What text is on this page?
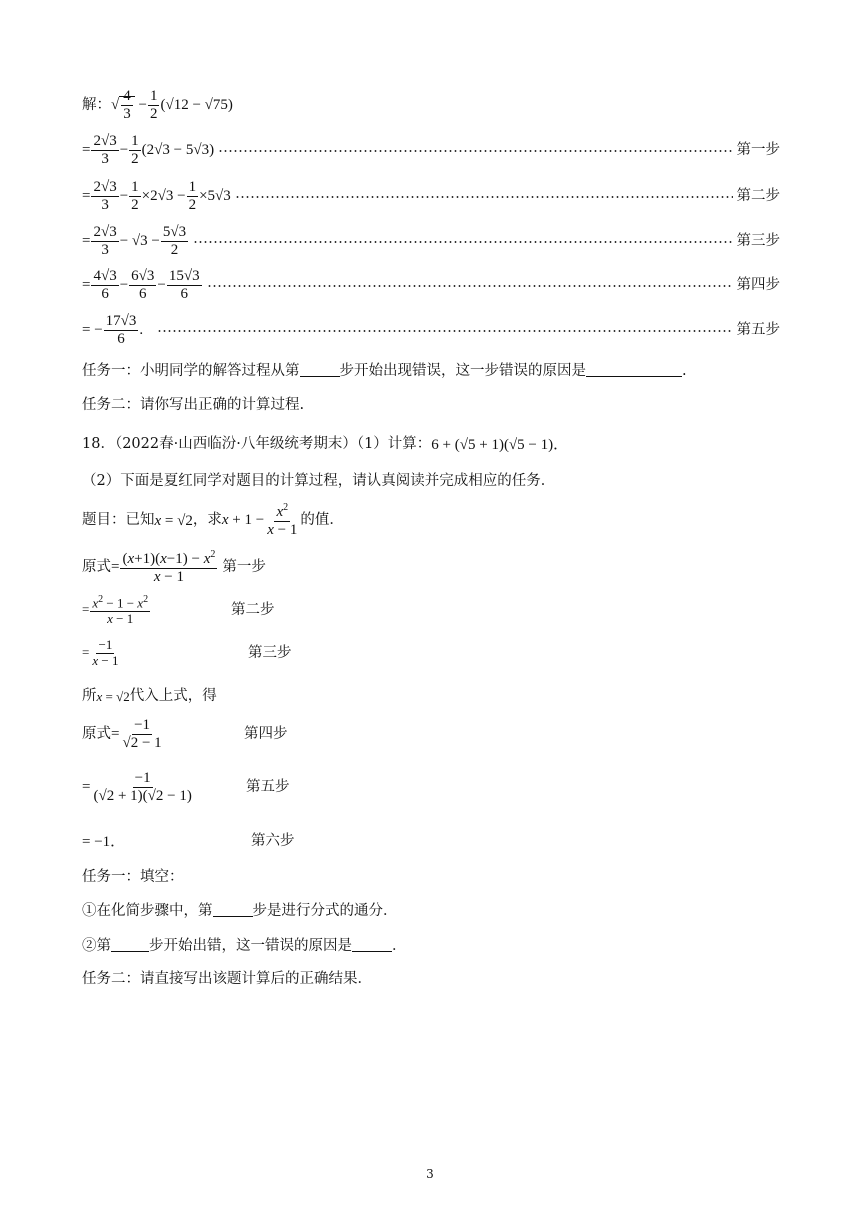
解： √ $\frac{4}{3} - \frac{1}{2} (√12 - √75)$
= $\frac{2√3}{3} - \frac{1}{2} (2√3 - 5√3)$	第一步
= $\frac{2√3}{3} - \frac{1}{2} \times 2√3 - \frac{1}{2} \times 5√3$	第二步
= $\frac{2√3}{3} - √3 - \frac{5√3}{2}$	第三步
= $\frac{4√3}{6} - \frac{6√3}{6} - \frac{15√3}{6}$	第四步
= − $\frac{17√3}{6}$ .	第五步
任务一：小明同学的解答过程从第	步开始出现错误，这一步错误的原因是	.
任务二：请你写出正确的计算过程.
18．（2022春·山西临汾·八年级统考期末）（1）计算： 6 + (√5 + 1)(√5 − 1)．
（2）下面是夏红同学对题目的计算过程，请认真阅读并完成相应的任务．
题目：已知 x = √2 ，求 $x + 1 - \frac{x^2}{x - 1}$ 的值．
原式 = $\frac{(x+1)(x-1) - x^2}{x - 1}$ 第一步
= $\frac{x^2 - 1 - x^2}{x - 1}$	第二步
= $\frac{-1}{x - 1}$	第三步
所 x = √2 代入上式，得
原式 = $\frac{-1}{√2 - 1}$	第四步
= $\frac{-1}{(√2 + 1)(√2 - 1)}$	第五步
= −1．	第六步
任务一：填空：
①在化简步骤中，第	步是进行分式的通分．
②第	步开始出错，这一错误的原因是	．
任务二：请直接写出该题计算后的正确结果．
3
